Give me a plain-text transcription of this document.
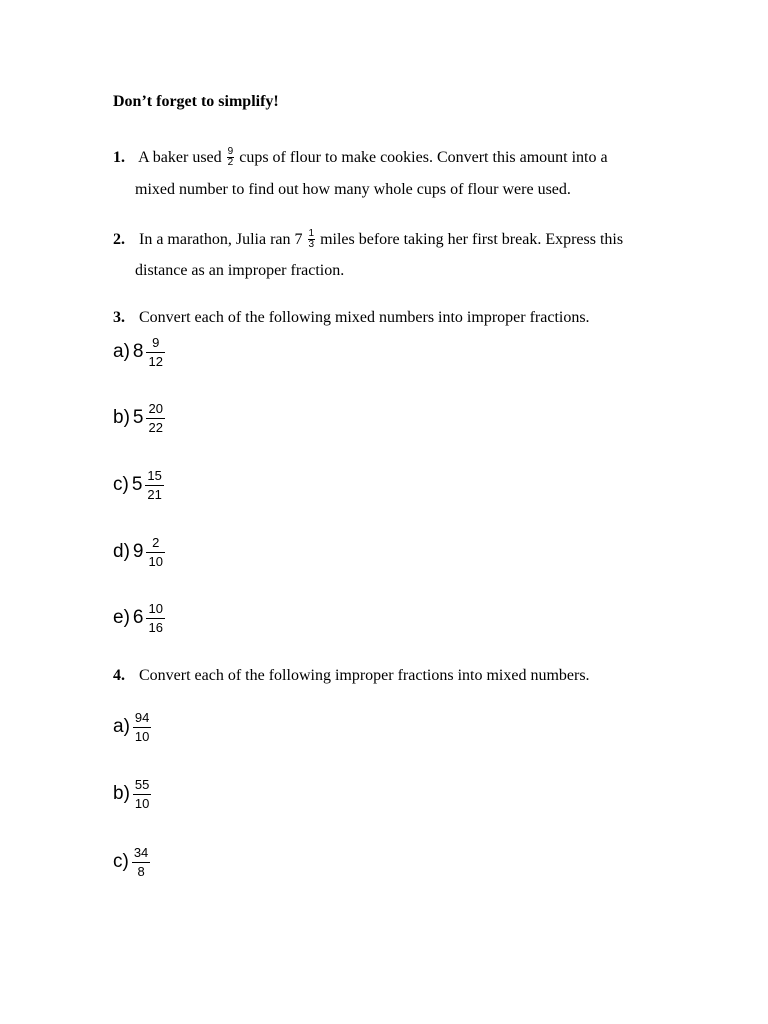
Don’t forget to simplify!
1. A baker used $\frac{9}{2}$ cups of flour to make cookies. Convert this amount into a
mixed number to find out how many whole cups of flour were used.
2. In a marathon, Julia ran $7 \frac{1}{3}$ miles before taking her first break. Express this
distance as an improper fraction.
3. Convert each of the following mixed numbers into improper fractions.
a) $8 \frac{9}{12}$
b) $5 \frac{20}{22}$
c) $5 \frac{15}{21}$
d) $9 \frac{2}{10}$
e) $6 \frac{10}{16}$
4. Convert each of the following improper fractions into mixed numbers.
$a) \frac{94}{10}$
$b) \frac{55}{10}$
$c) \frac{34}{8}$
